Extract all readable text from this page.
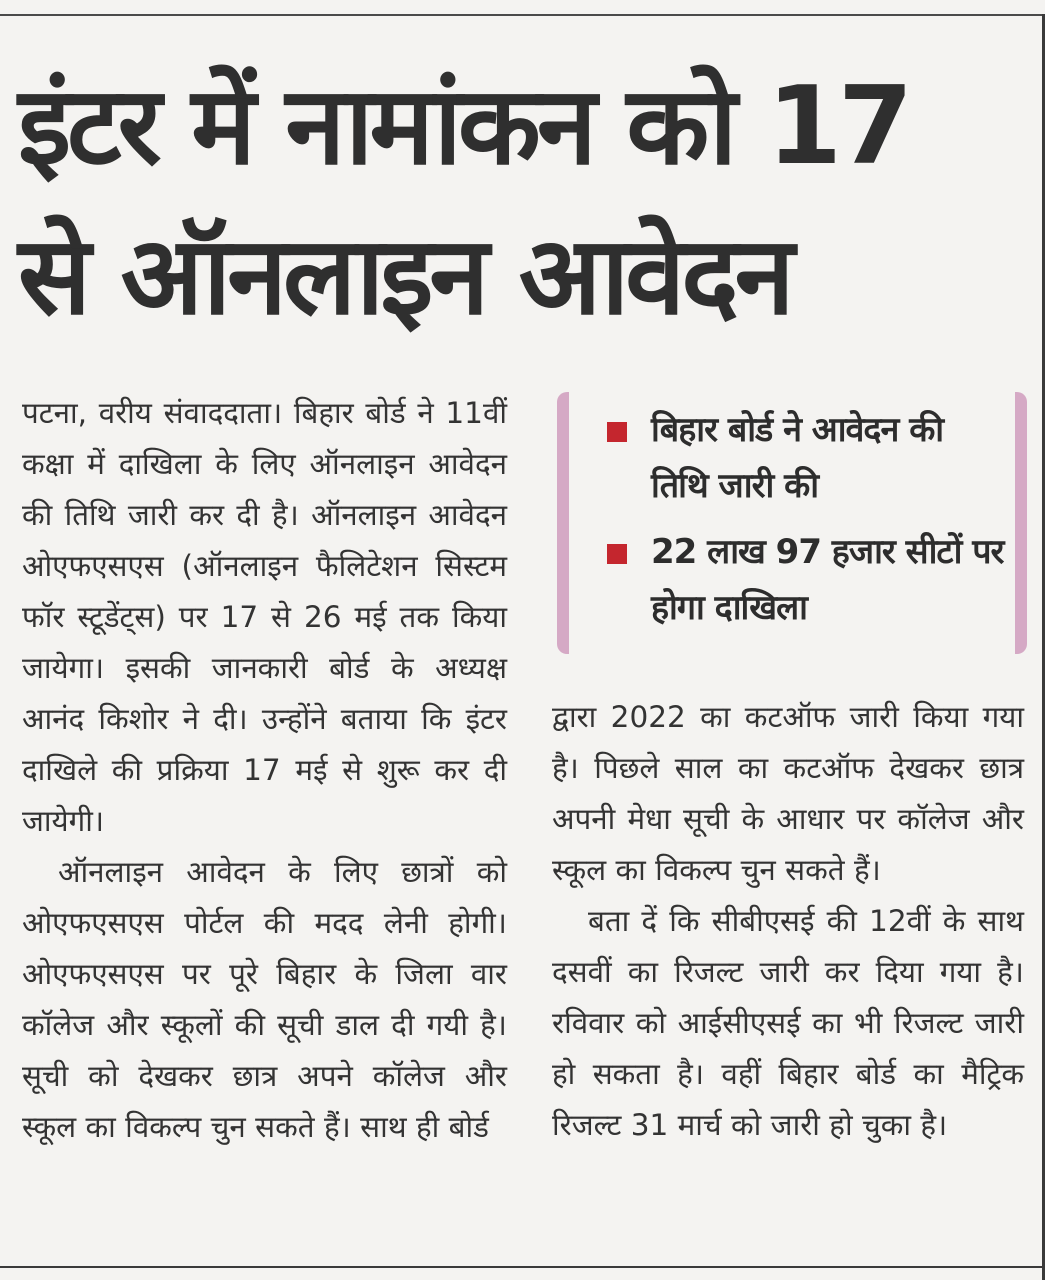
इंटर में नामांकन को 17
से ऑनलाइन आवेदन

पटना, वरीय संवाददाता। बिहार बोर्ड ने 11वीं कक्षा में दाखिला के लिए ऑनलाइन आवेदन की तिथि जारी कर दी है। ऑनलाइन आवेदन ओएफएसएस (ऑनलाइन फैलिटेशन सिस्टम फॉर स्टूडेंट्स) पर 17 से 26 मई तक किया जायेगा। इसकी जानकारी बोर्ड के अध्यक्ष आनंद किशोर ने दी। उन्होंने बताया कि इंटर दाखिले की प्रक्रिया 17 मई से शुरू कर दी जायेगी।

ऑनलाइन आवेदन के लिए छात्रों को ओएफएसएस पोर्टल की मदद लेनी होगी। ओएफएसएस पर पूरे बिहार के जिला वार कॉलेज और स्कूलों की सूची डाल दी गयी है। सूची को देखकर छात्र अपने कॉलेज और स्कूल का विकल्प चुन सकते हैं। साथ ही बोर्ड

बिहार बोर्ड ने आवेदन की तिथि जारी की
22 लाख 97 हजार सीटों पर होगा दाखिला

द्वारा 2022 का कटऑफ जारी किया गया है। पिछले साल का कटऑफ देखकर छात्र अपनी मेधा सूची के आधार पर कॉलेज और स्कूल का विकल्प चुन सकते हैं।

बता दें कि सीबीएसई की 12वीं के साथ दसवीं का रिजल्ट जारी कर दिया गया है। रविवार को आईसीएसई का भी रिजल्ट जारी हो सकता है। वहीं बिहार बोर्ड का मैट्रिक रिजल्ट 31 मार्च को जारी हो चुका है।
